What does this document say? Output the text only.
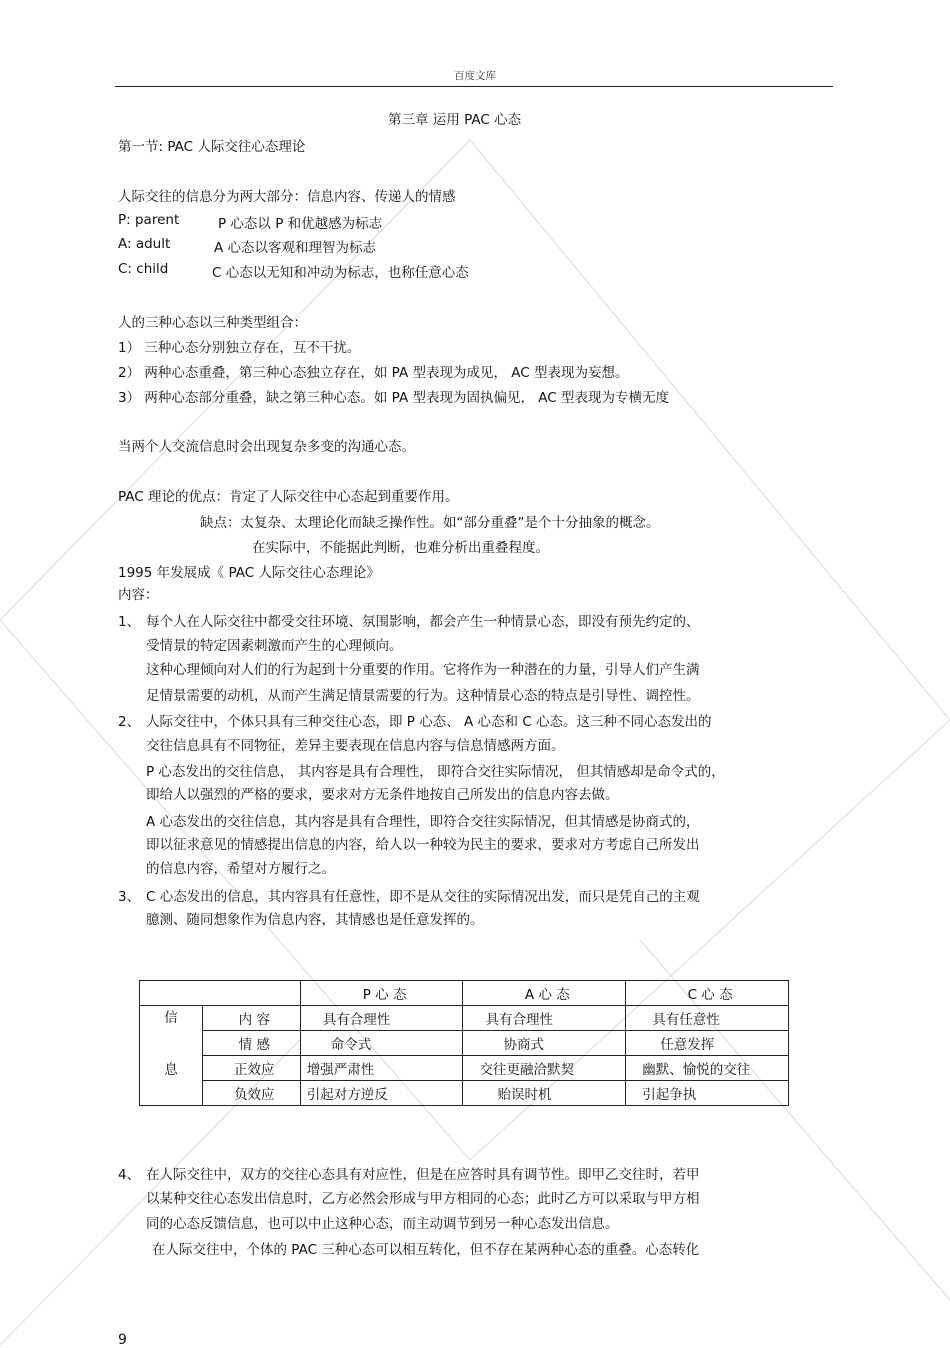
百度文库
第三章 运用 PAC 心态
第一节: PAC 人际交往心态理论
人际交往的信息分为两大部分：信息内容、传递人的情感
P: parent	P 心态以 P 和优越感为标志
A: adult	A 心态以客观和理智为标志
C: child	C 心态以无知和冲动为标志，也称任意心态
人的三种心态以三种类型组合：
1） 三种心态分别独立存在，互不干扰。
2） 两种心态重叠，第三种心态独立存在，如 PA 型表现为成见， AC 型表现为妄想。
3） 两种心态部分重叠，缺之第三种心态。如 PA 型表现为固执偏见， AC 型表现为专横无度
当两个人交流信息时会出现复杂多变的沟通心态。
PAC 理论的优点：肯定了人际交往中心态起到重要作用。
缺点：太复杂、太理论化而缺乏操作性。如“部分重叠”是个十分抽象的概念。
在实际中，不能据此判断，也难分析出重叠程度。
1995 年发展成《 PAC 人际交往心态理论》
内容：
1、 每个人在人际交往中都受交往环境、氛围影响，都会产生一种情景心态，即没有预先约定的、
受情景的特定因素刺激而产生的心理倾向。
这种心理倾向对人们的行为起到十分重要的作用。它将作为一种潜在的力量，引导人们产生满
足情景需要的动机，从而产生满足情景需要的行为。这种情景心态的特点是引导性、调控性。
2、 人际交往中，个体只具有三种交往心态，即 P 心态、 A 心态和 C 心态。这三种不同心态发出的
交往信息具有不同物征，差异主要表现在信息内容与信息情感两方面。
P 心态发出的交往信息， 其内容是具有合理性， 即符合交往实际情况， 但其情感却是命令式的，
即给人以强烈的严格的要求，要求对方无条件地按自己所发出的信息内容去做。
A 心态发出的交往信息，其内容是具有合理性，即符合交往实际情况，但其情感是协商式的，
即以征求意见的情感提出信息的内容，给人以一种较为民主的要求，要求对方考虑自己所发出
的信息内容，希望对方履行之。
3、 C 心态发出的信息，其内容具有任意性，即不是从交往的实际情况出发，而只是凭自己的主观
臆测、随同想象作为信息内容，其情感也是任意发挥的。
		P 心 态	A 心 态	C 心 态

信
息	内 容	具有合理性	具有合理性	具有任意性
	情 感	命令式	协商式	任意发挥
	正效应	增强严肃性	交往更融洽默契	幽默、愉悦的交往
	负效应	引起对方逆反	贻误时机	引起争执
4、 在人际交往中，双方的交往心态具有对应性，但是在应答时具有调节性。即甲乙交往时，若甲
以某种交往心态发出信息时，乙方必然会形成与甲方相同的心态；此时乙方可以采取与甲方相
同的心态反馈信息，也可以中止这种心态，而主动调节到另一种心态发出信息。
在人际交往中，个体的 PAC 三种心态可以相互转化，但不存在某两种心态的重叠。心态转化
9
